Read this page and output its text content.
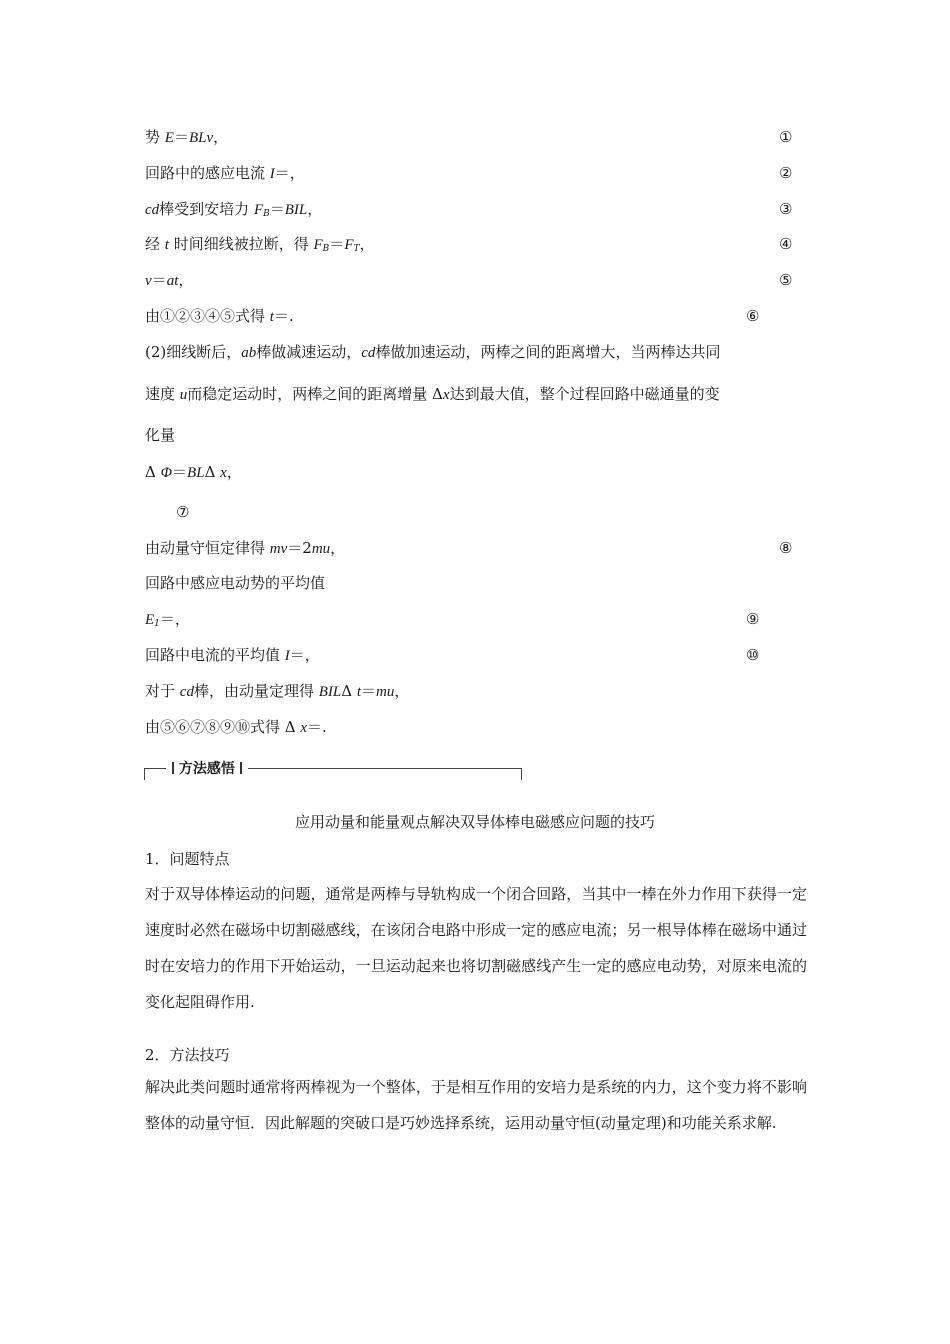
势 E＝BLv，	①
回路中的感应电流 I＝，	②
cd棒受到安培力 $F_B=BIL$，	③
经 t 时间细线被拉断，得 $F_B=F_T$，	④
v＝at，	⑤
由①②③④⑤式得 t＝.	⑥
(2)细线断后，ab棒做减速运动，cd棒做加速运动，两棒之间的距离增大，当两棒达共同
速度 u而稳定运动时，两棒之间的距离增量 Δx达到最大值，整个过程回路中磁通量的变
化量
Δ Φ＝BLΔ x，
⑦
由动量守恒定律得 mv＝2mu，	⑧
回路中感应电动势的平均值
$E_1=$，	⑨
回路中电流的平均值 I＝，	⑩
对于 cd棒，由动量定理得 BILΔ t＝mu，
由⑤⑥⑦⑧⑨⑩式得 Δ x＝.
方法感悟
应用动量和能量观点解决双导体棒电磁感应问题的技巧
1．问题特点
对于双导体棒运动的问题，通常是两棒与导轨构成一个闭合回路，当其中一棒在外力作用下获得一定速度时必然在磁场中切割磁感线，在该闭合电路中形成一定的感应电流；另一根导体棒在磁场中通过时在安培力的作用下开始运动，一旦运动起来也将切割磁感线产生一定的感应电动势，对原来电流的变化起阻碍作用.
2．方法技巧
解决此类问题时通常将两棒视为一个整体，于是相互作用的安培力是系统的内力，这个变力将不影响整体的动量守恒．因此解题的突破口是巧妙选择系统，运用动量守恒(动量定理)和功能关系求解.
